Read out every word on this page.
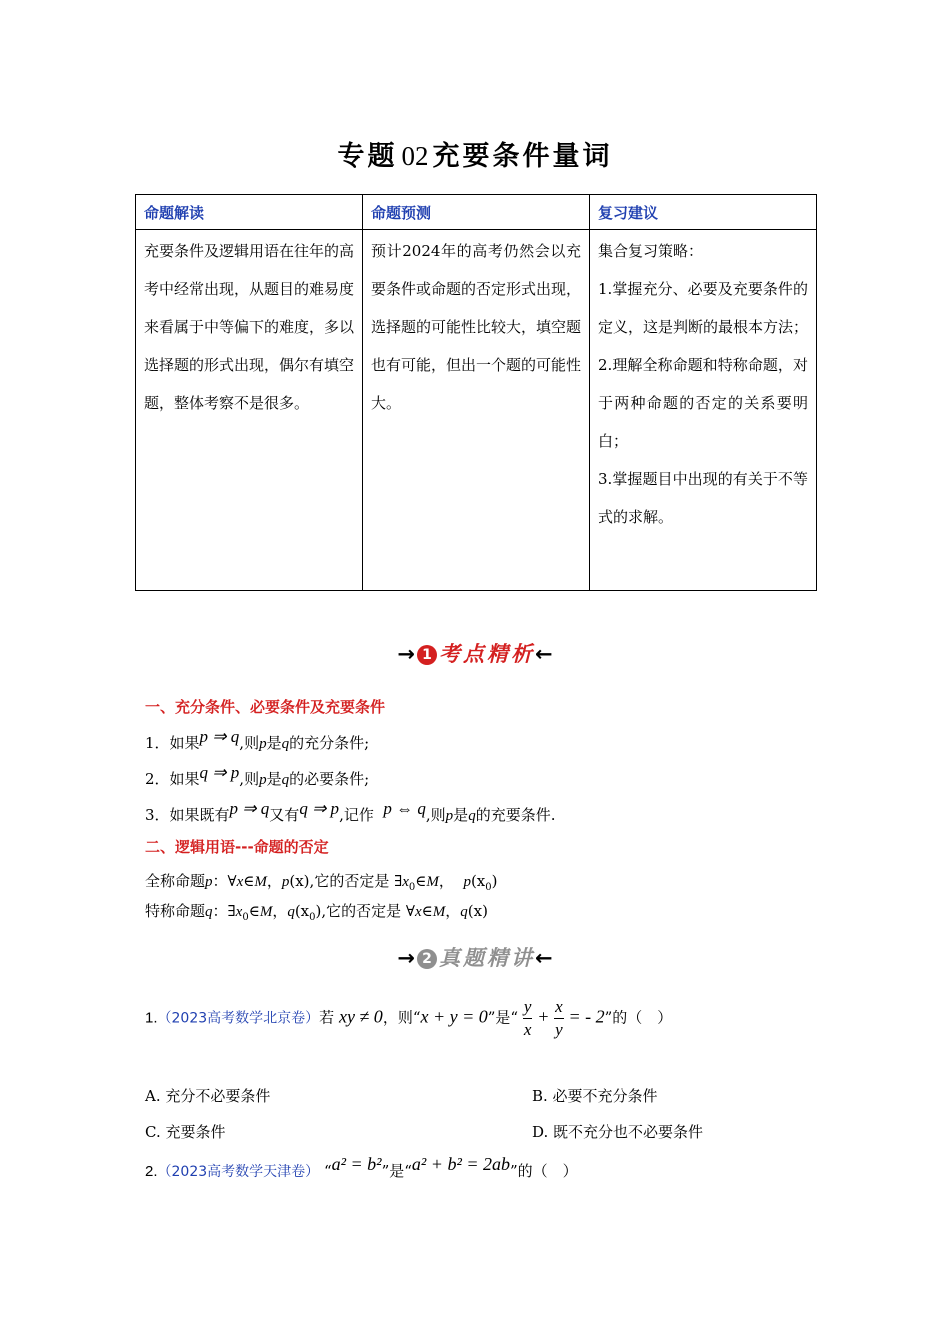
专题 02 充要条件量词
命题解读	命题预测	复习建议
充要条件及逻辑用语在往年的高考中经常出现，从题目的难易度来看属于中等偏下的难度，多以选择题的形式出现，偶尔有填空题，整体考察不是很多。	预计2024年的高考仍然会以充要条件或命题的否定形式出现，选择题的可能性比较大，填空题也有可能，但出一个题的可能性大。	集合复习策略：

1.掌握充分、必要及充要条件的定义，这是判断的最根本方法；

2.理解全称命题和特称命题，对于两种命题的否定的关系要明白；

3.掌握题目中出现的有关于不等式的求解。

→ 1 考点精析←
一、充分条件、必要条件及充要条件
1．如果p ⇒ q,则p是q的充分条件;
2．如果q ⇒ p,则p是q的必要条件;
3．如果既有p ⇒ q又有q ⇒ p,记作 p ⇔ q,则p是q的充要条件.
二、逻辑用语---命题的否定
全称命题p：∀x∈M，p(x),它的否定是 $\exists x_0\in M$， $p(x_0)$
特称命题q：$\exists x_0\in M$，$q(x_0)$,它的否定是 ∀x∈M，q(x)
→ 2 真题精讲←
1.（2023高考数学北京卷）若 xy ≠ 0，则“x + y = 0”是“ $\frac{y}{x} + \frac{x}{y}$ = - 2”的（　）
A. 充分不必要条件	B. 必要不充分条件
C. 充要条件	D. 既不充分也不必要条件
2.（2023高考数学天津卷） “a² = b²”是“a² + b² = 2ab”的（　）
